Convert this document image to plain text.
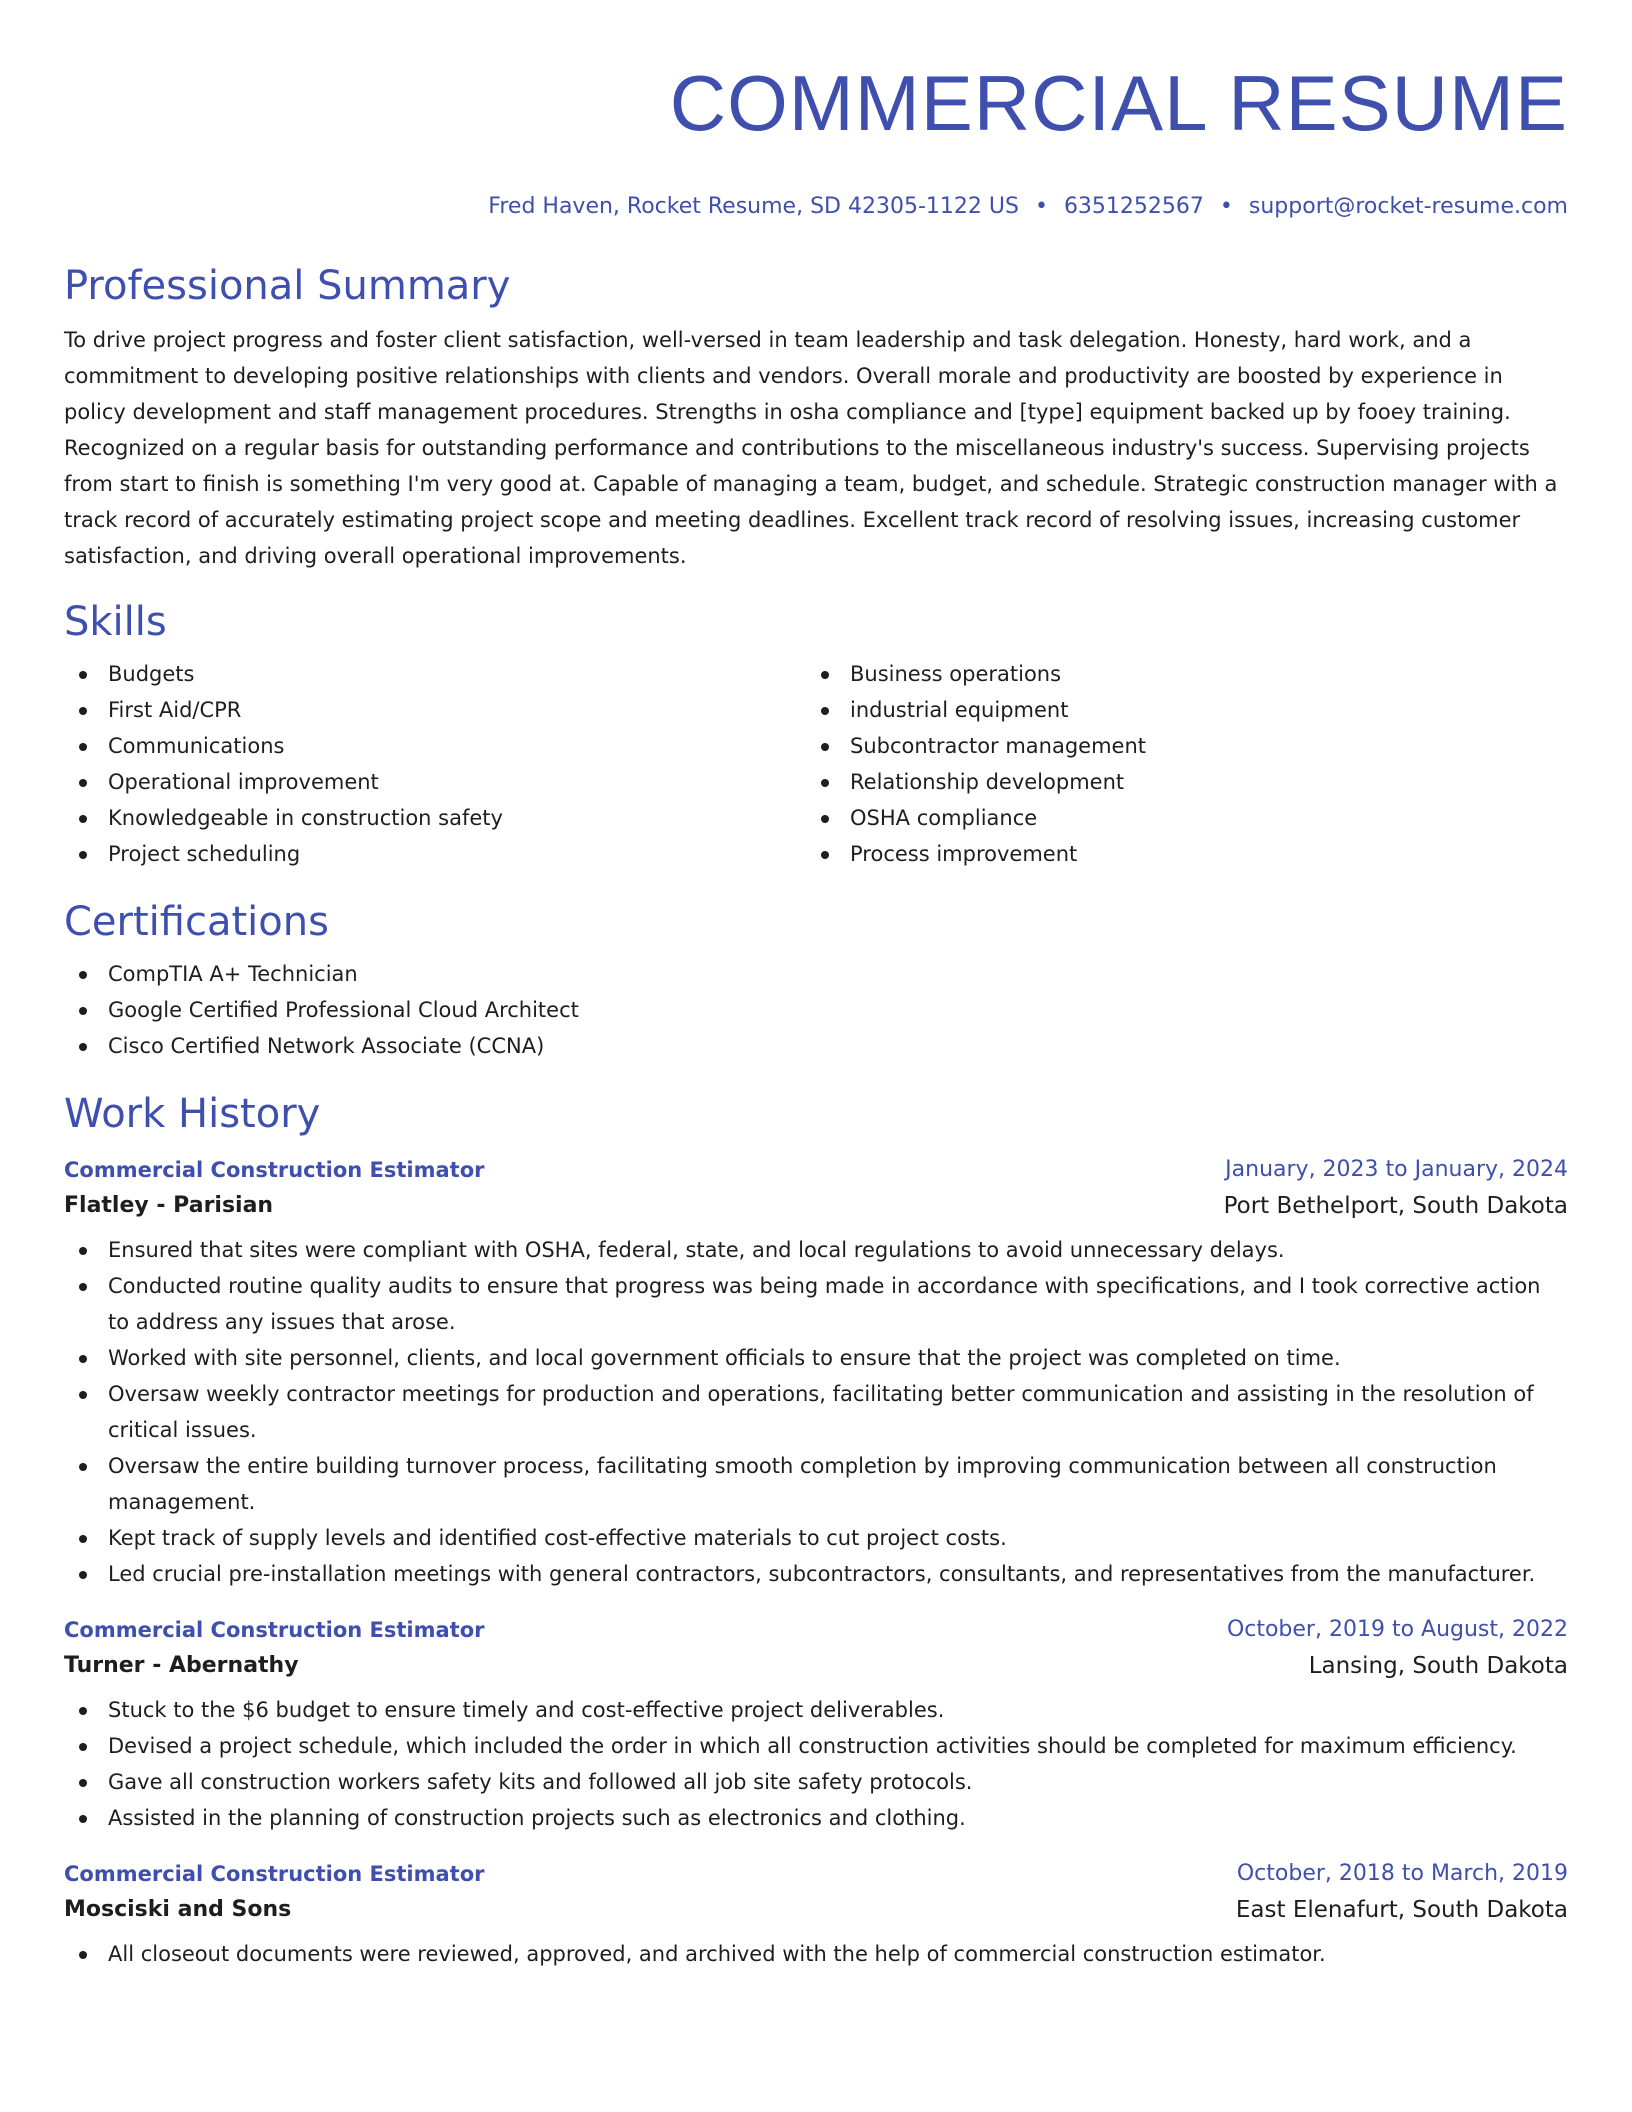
COMMERCIAL RESUME
Fred Haven, Rocket Resume, SD 42305-1122 US • 6351252567 • support@rocket-resume.com
Professional Summary
To drive project progress and foster client satisfaction, well-versed in team leadership and task delegation. Honesty, hard work, and a commitment to developing positive relationships with clients and vendors. Overall morale and productivity are boosted by experience in policy development and staff management procedures. Strengths in osha compliance and [type] equipment backed up by fooey training. Recognized on a regular basis for outstanding performance and contributions to the miscellaneous industry's success. Supervising projects from start to finish is something I'm very good at. Capable of managing a team, budget, and schedule. Strategic construction manager with a track record of accurately estimating project scope and meeting deadlines. Excellent track record of resolving issues, increasing customer satisfaction, and driving overall operational improvements.
Skills
Budgets
First Aid/CPR
Communications
Operational improvement
Knowledgeable in construction safety
Project scheduling
Business operations
industrial equipment
Subcontractor management
Relationship development
OSHA compliance
Process improvement
Certifications
CompTIA A+ Technician
Google Certified Professional Cloud Architect
Cisco Certified Network Associate (CCNA)
Work History
Commercial Construction Estimator	January, 2023 to January, 2024
Flatley - Parisian	Port Bethelport, South Dakota
Ensured that sites were compliant with OSHA, federal, state, and local regulations to avoid unnecessary delays.
Conducted routine quality audits to ensure that progress was being made in accordance with specifications, and I took corrective action to address any issues that arose.
Worked with site personnel, clients, and local government officials to ensure that the project was completed on time.
Oversaw weekly contractor meetings for production and operations, facilitating better communication and assisting in the resolution of critical issues.
Oversaw the entire building turnover process, facilitating smooth completion by improving communication between all construction management.
Kept track of supply levels and identified cost-effective materials to cut project costs.
Led crucial pre-installation meetings with general contractors, subcontractors, consultants, and representatives from the manufacturer.
Commercial Construction Estimator	October, 2019 to August, 2022
Turner - Abernathy	Lansing, South Dakota
Stuck to the $6 budget to ensure timely and cost-effective project deliverables.
Devised a project schedule, which included the order in which all construction activities should be completed for maximum efficiency.
Gave all construction workers safety kits and followed all job site safety protocols.
Assisted in the planning of construction projects such as electronics and clothing.
Commercial Construction Estimator	October, 2018 to March, 2019
Mosciski and Sons	East Elenafurt, South Dakota
All closeout documents were reviewed, approved, and archived with the help of commercial construction estimator.
